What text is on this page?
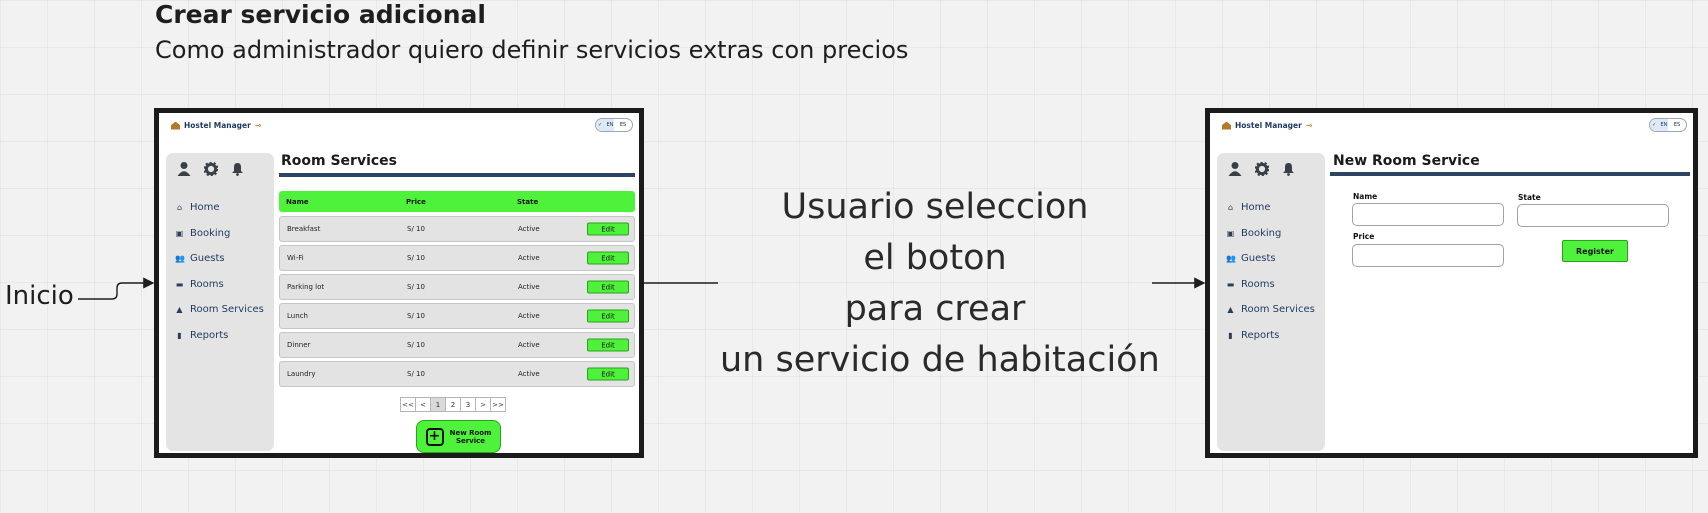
Crear servicio adicional
Como administrador quiero definir servicios extras con precios
Inicio
Usuario seleccion
el boton
para crear
un servicio de habitación
Hostel Manager ⊸	✓
EN	ES
⌂ Home
▣ Booking
👥 Guests
▬ Rooms
▲ Room Services
▮ Reports
Room Services
Name	Price	State
Breakfast	S/ 10	Active	Edit
Wi-Fi	S/ 10	Active	Edit
Parking lot	S/ 10	Active	Edit
Lunch	S/ 10	Active	Edit
Dinner	S/ 10	Active	Edit
Laundry	S/ 10	Active	Edit
<< <	1	2	3	> >>
+	New Room
Service
Hostel Manager ⊸	✓
EN	ES
⌂ Home
▣ Booking
👥 Guests
▬ Rooms
▲ Room Services
▮ Reports
New Room Service
Name	State
Price
Register
